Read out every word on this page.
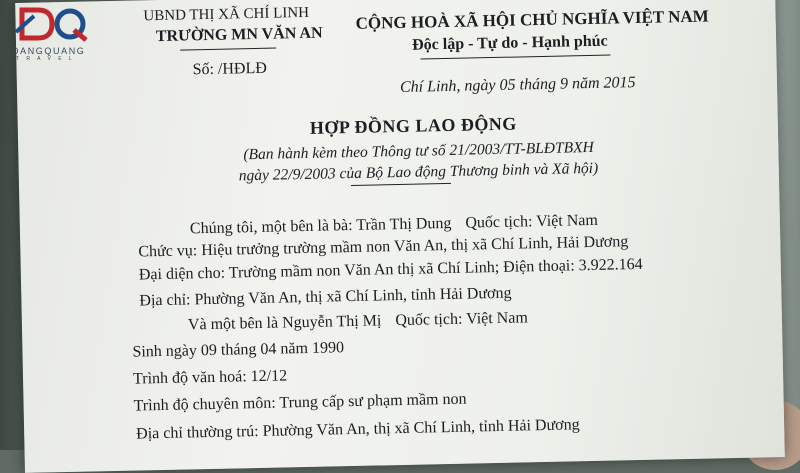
UBND THỊ XÃ CHÍ LINH
TRƯỜNG MN VĂN AN
Số: /HĐLĐ
CỘNG HOÀ XÃ HỘI CHỦ NGHĨA VIỆT NAM
Độc lập - Tự do - Hạnh phúc
Chí Linh, ngày 05 tháng 9 năm 2015
HỢP ĐỒNG LAO ĐỘNG
(Ban hành kèm theo Thông tư số 21/2003/TT-BLĐTBXH
ngày 22/9/2003 của Bộ Lao động Thương binh và Xã hội)
Chúng tôi, một bên là bà: Trần Thị Dung Quốc tịch: Việt Nam
Chức vụ: Hiệu trưởng trường mầm non Văn An, thị xã Chí Linh, Hải Dương
Đại diện cho: Trường mầm non Văn An thị xã Chí Linh; Điện thoại: 3.922.164
Địa chỉ: Phường Văn An, thị xã Chí Linh, tỉnh Hải Dương
Và một bên là Nguyễn Thị Mị Quốc tịch: Việt Nam
Sinh ngày 09 tháng 04 năm 1990
Trình độ văn hoá: 12/12
Trình độ chuyên môn: Trung cấp sư phạm mầm non
Địa chỉ thường trú: Phường Văn An, thị xã Chí Linh, tỉnh Hải Dương
DANGQUANG
T R A V E L
